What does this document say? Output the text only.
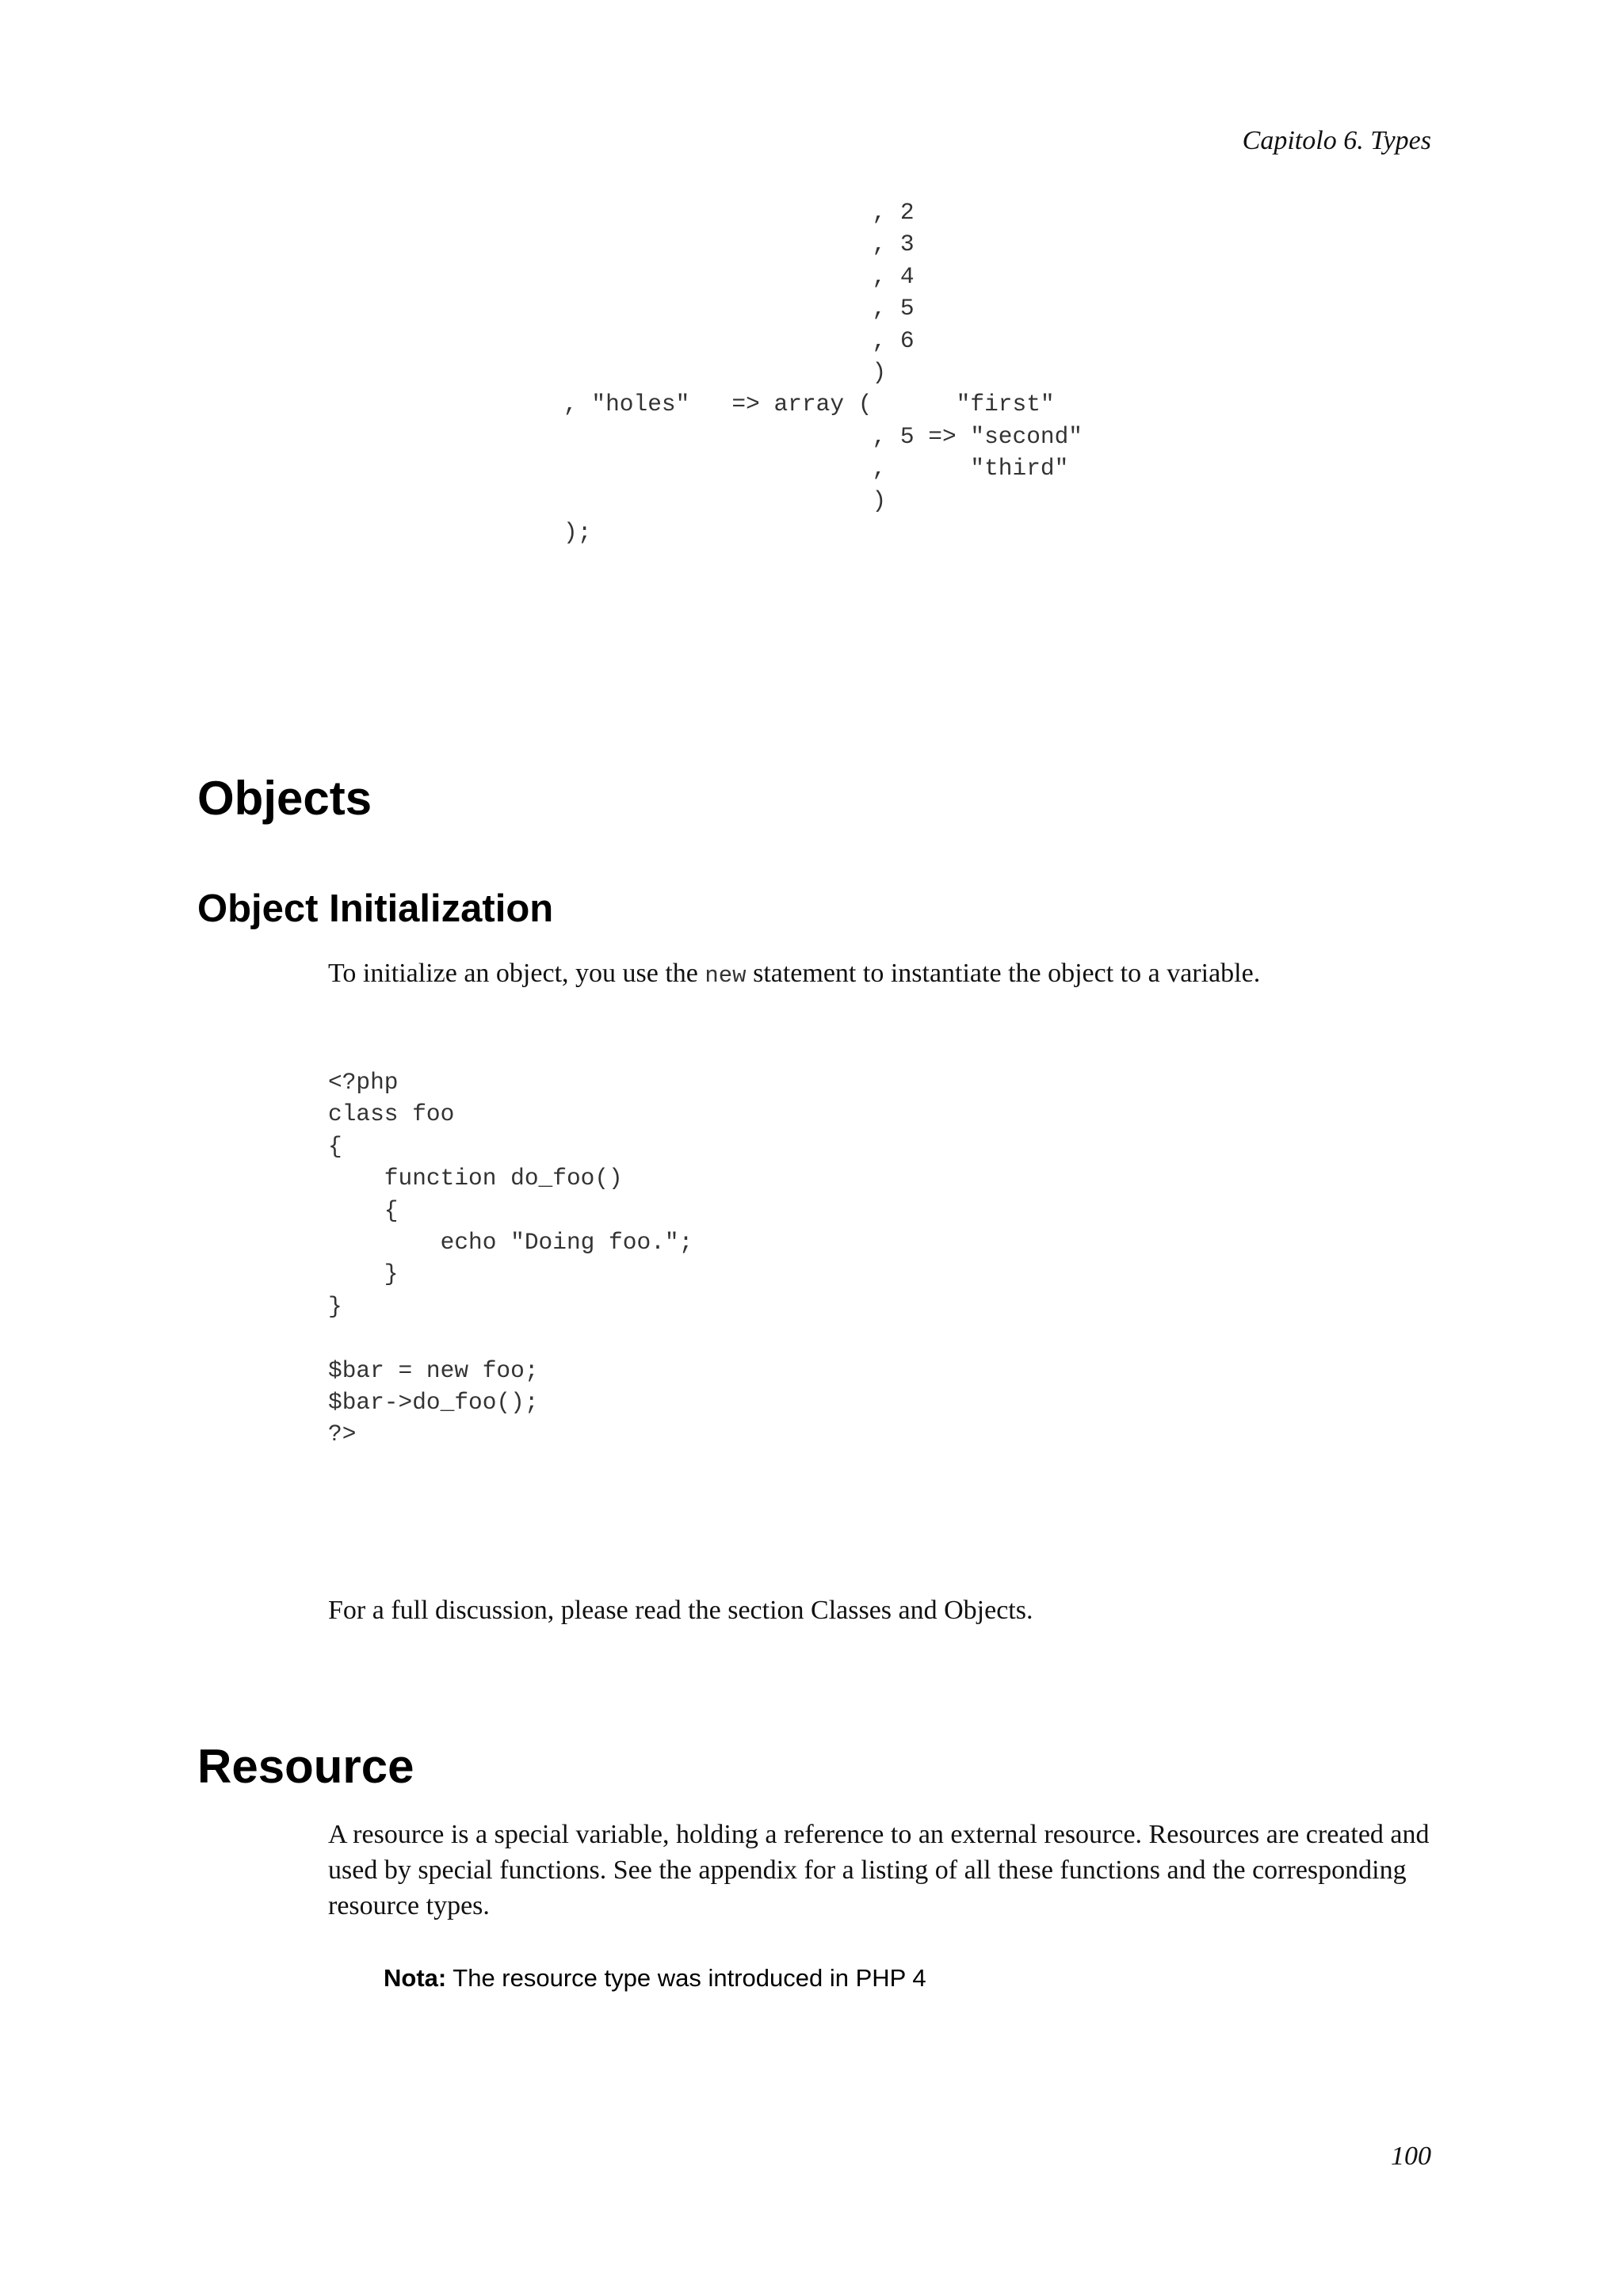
Capitolo 6. Types

, 2
, 3
, 4
, 5
, 6
)
, "holes"   => array (      "first"
, 5 => "second"
,      "third"
)
);
Objects
Object Initialization

To initialize an object, you use the new statement to instantiate the object to a variable.

<?php
class foo
{
function do_foo()
{
echo "Doing foo.";
}
}

$bar = new foo;
$bar->do_foo();
?>

For a full discussion, please read the section Classes and Objects.

Resource

A resource is a special variable, holding a reference to an external resource. Resources are created and used by special functions. See the appendix for a listing of all these functions and the corresponding resource types.

Nota: The resource type was introduced in PHP 4

100
